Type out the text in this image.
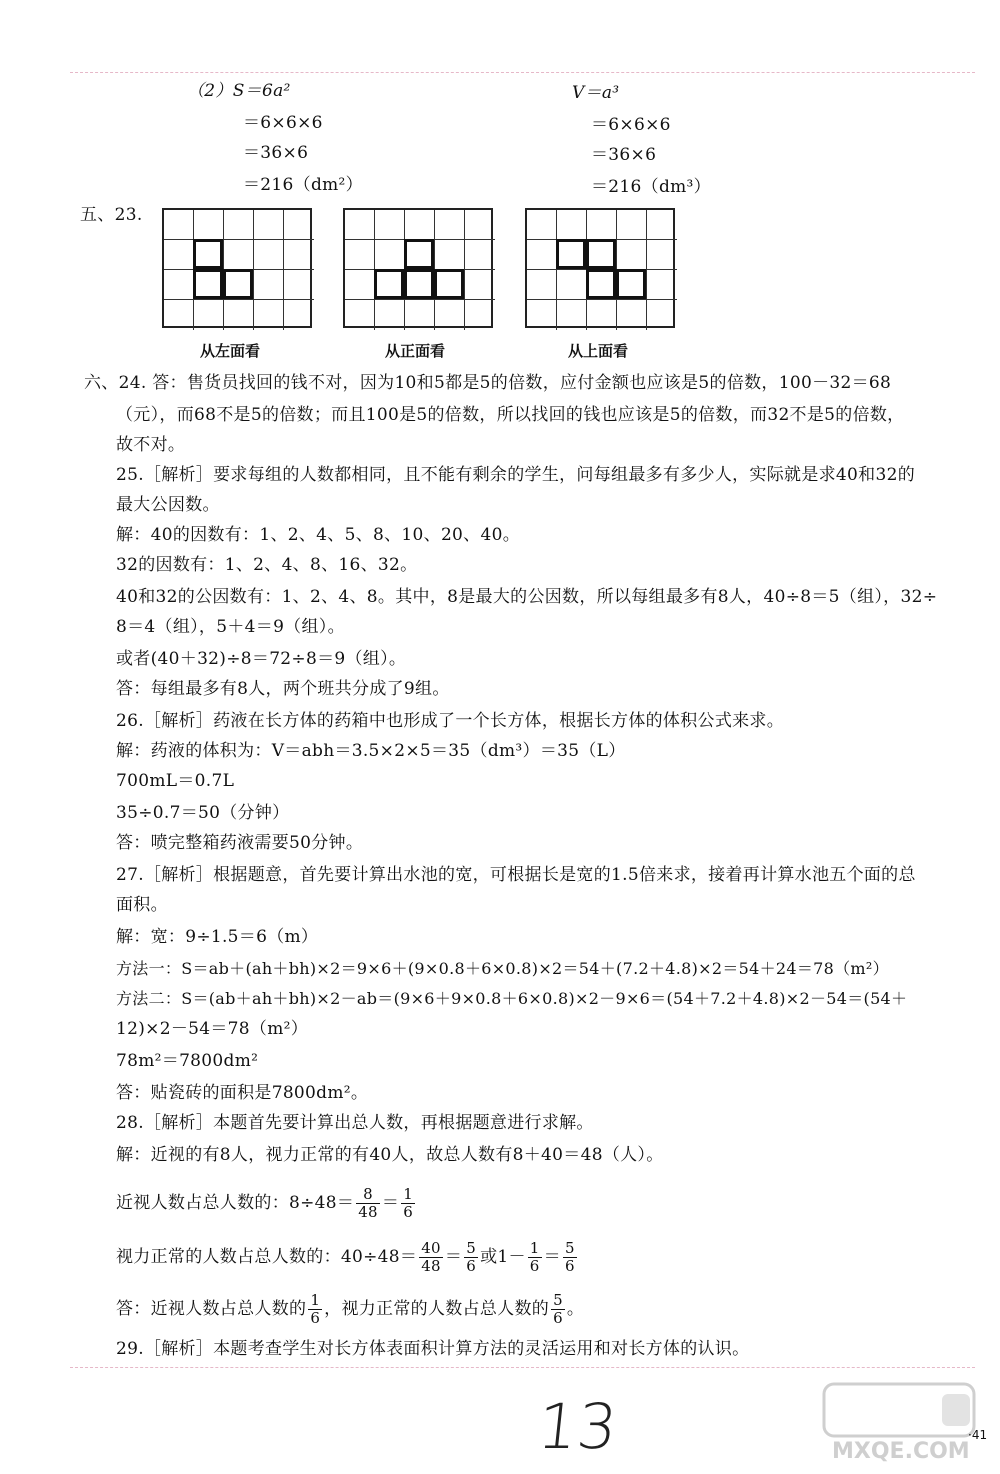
（2）S＝6a²
＝6×6×6
＝36×6
＝216（dm²）
V＝a³
＝6×6×6
＝36×6
＝216（dm³）
五、23.
从左面看	从正面看	从上面看
六、24. 答：售货员找回的钱不对，因为10和5都是5的倍数，应付金额也应该是5的倍数，100－32＝68
（元），而68不是5的倍数；而且100是5的倍数，所以找回的钱也应该是5的倍数，而32不是5的倍数，
故不对。
25.［解析］要求每组的人数都相同，且不能有剩余的学生，问每组最多有多少人，实际就是求40和32的
最大公因数。
解：40的因数有：1、2、4、5、8、10、20、40。
32的因数有：1、2、4、8、16、32。
40和32的公因数有：1、2、4、8。其中，8是最大的公因数，所以每组最多有8人，40÷8＝5（组），32÷
8＝4（组），5＋4＝9（组）。
或者(40＋32)÷8＝72÷8＝9（组）。
答：每组最多有8人，两个班共分成了9组。
26.［解析］药液在长方体的药箱中也形成了一个长方体，根据长方体的体积公式来求。
解：药液的体积为：V＝abh＝3.5×2×5＝35（dm³）＝35（L）
700mL＝0.7L
35÷0.7＝50（分钟）
答：喷完整箱药液需要50分钟。
27.［解析］根据题意，首先要计算出水池的宽，可根据长是宽的1.5倍来求，接着再计算水池五个面的总
面积。
解：宽：9÷1.5＝6（m）
方法一：S＝ab＋(ah＋bh)×2＝9×6＋(9×0.8＋6×0.8)×2＝54＋(7.2＋4.8)×2＝54＋24＝78（m²）
方法二：S＝(ab＋ah＋bh)×2－ab＝(9×6＋9×0.8＋6×0.8)×2－9×6＝(54＋7.2＋4.8)×2－54＝(54＋
12)×2－54＝78（m²）
78m²＝7800dm²
答：贴瓷砖的面积是7800dm²。
28.［解析］本题首先要计算出总人数，再根据题意进行求解。
解：近视的有8人，视力正常的有40人，故总人数有8＋40＝48（人）。
近视人数占总人数的：$8\div 48= \frac{8}{48} = \frac{1}{6}$
视力正常的人数占总人数的：$40\div 48= \frac{40}{48} = \frac{5}{6}$ 或$1- \frac{1}{6} = \frac{5}{6}$
答：近视人数占总人数的 $\frac{1}{6}$ ，视力正常的人数占总人数的 $\frac{5}{6}$ 。
29.［解析］本题考查学生对长方体表面积计算方法的灵活运用和对长方体的认识。
13	MXQE.COM
·41
